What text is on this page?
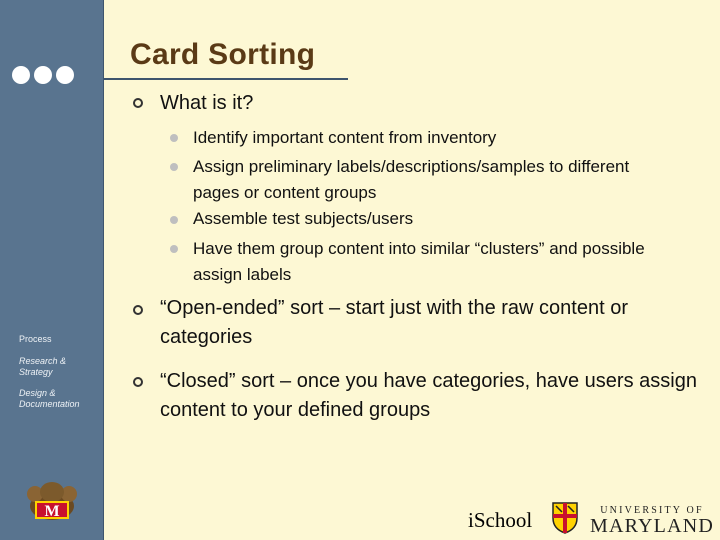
Process
Research & Strategy
Design & Documentation
M
Card Sorting
What is it?
Identify important content from inventory
Assign preliminary labels/descriptions/samples to different pages or content groups
Assemble test subjects/users
Have them group content into similar “clusters” and possible assign labels
“Open-ended” sort – start just with the raw content or categories
“Closed” sort – once you have categories, have users assign content to your defined groups
iSchool	UNIVERSITY OF
MARYLAND
